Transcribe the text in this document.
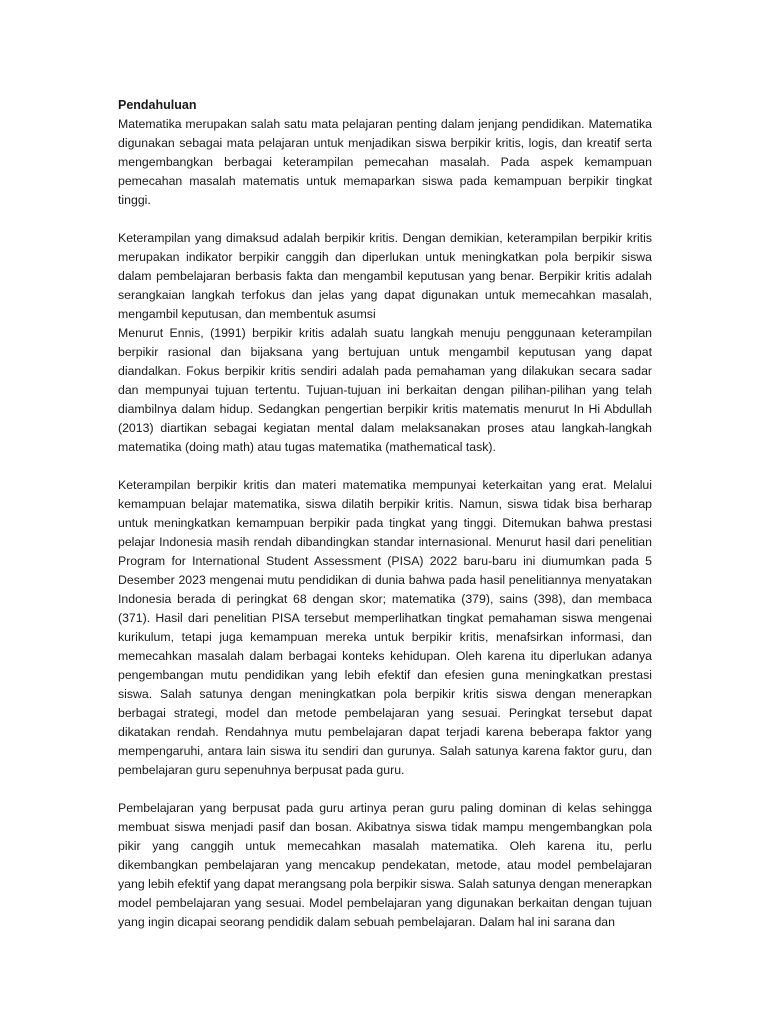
Pendahuluan

Matematika merupakan salah satu mata pelajaran penting dalam jenjang pendidikan. Matematika digunakan sebagai mata pelajaran untuk menjadikan siswa berpikir kritis, logis, dan kreatif serta mengembangkan berbagai keterampilan pemecahan masalah. Pada aspek kemampuan pemecahan masalah matematis untuk memaparkan siswa pada kemampuan berpikir tingkat tinggi.

Keterampilan yang dimaksud adalah berpikir kritis. Dengan demikian, keterampilan berpikir kritis merupakan indikator berpikir canggih dan diperlukan untuk meningkatkan pola berpikir siswa dalam pembelajaran berbasis fakta dan mengambil keputusan yang benar. Berpikir kritis adalah serangkaian langkah terfokus dan jelas yang dapat digunakan untuk memecahkan masalah, mengambil keputusan, dan membentuk asumsi

Menurut Ennis, (1991) berpikir kritis adalah suatu langkah menuju penggunaan keterampilan berpikir rasional dan bijaksana yang bertujuan untuk mengambil keputusan yang dapat diandalkan. Fokus berpikir kritis sendiri adalah pada pemahaman yang dilakukan secara sadar dan mempunyai tujuan tertentu. Tujuan-tujuan ini berkaitan dengan pilihan-pilihan yang telah diambilnya dalam hidup. Sedangkan pengertian berpikir kritis matematis menurut In Hi Abdullah (2013) diartikan sebagai kegiatan mental dalam melaksanakan proses atau langkah-langkah matematika (doing math) atau tugas matematika (mathematical task).

Keterampilan berpikir kritis dan materi matematika mempunyai keterkaitan yang erat. Melalui kemampuan belajar matematika, siswa dilatih berpikir kritis. Namun, siswa tidak bisa berharap untuk meningkatkan kemampuan berpikir pada tingkat yang tinggi. Ditemukan bahwa prestasi pelajar Indonesia masih rendah dibandingkan standar internasional. Menurut hasil dari penelitian Program for International Student Assessment (PISA) 2022 baru-baru ini diumumkan pada 5 Desember 2023 mengenai mutu pendidikan di dunia bahwa pada hasil penelitiannya menyatakan Indonesia berada di peringkat 68 dengan skor; matematika (379), sains (398), dan membaca (371). Hasil dari penelitian PISA tersebut memperlihatkan tingkat pemahaman siswa mengenai kurikulum, tetapi juga kemampuan mereka untuk berpikir kritis, menafsirkan informasi, dan memecahkan masalah dalam berbagai konteks kehidupan. Oleh karena itu diperlukan adanya pengembangan mutu pendidikan yang lebih efektif dan efesien guna meningkatkan prestasi siswa. Salah satunya dengan meningkatkan pola berpikir kritis siswa dengan menerapkan berbagai strategi, model dan metode pembelajaran yang sesuai. Peringkat tersebut dapat dikatakan rendah. Rendahnya mutu pembelajaran dapat terjadi karena beberapa faktor yang mempengaruhi, antara lain siswa itu sendiri dan gurunya. Salah satunya karena faktor guru, dan pembelajaran guru sepenuhnya berpusat pada guru.

Pembelajaran yang berpusat pada guru artinya peran guru paling dominan di kelas sehingga membuat siswa menjadi pasif dan bosan. Akibatnya siswa tidak mampu mengembangkan pola pikir yang canggih untuk memecahkan masalah matematika. Oleh karena itu, perlu dikembangkan pembelajaran yang mencakup pendekatan, metode, atau model pembelajaran yang lebih efektif yang dapat merangsang pola berpikir siswa. Salah satunya dengan menerapkan model pembelajaran yang sesuai. Model pembelajaran yang digunakan berkaitan dengan tujuan yang ingin dicapai seorang pendidik dalam sebuah pembelajaran. Dalam hal ini sarana dan
